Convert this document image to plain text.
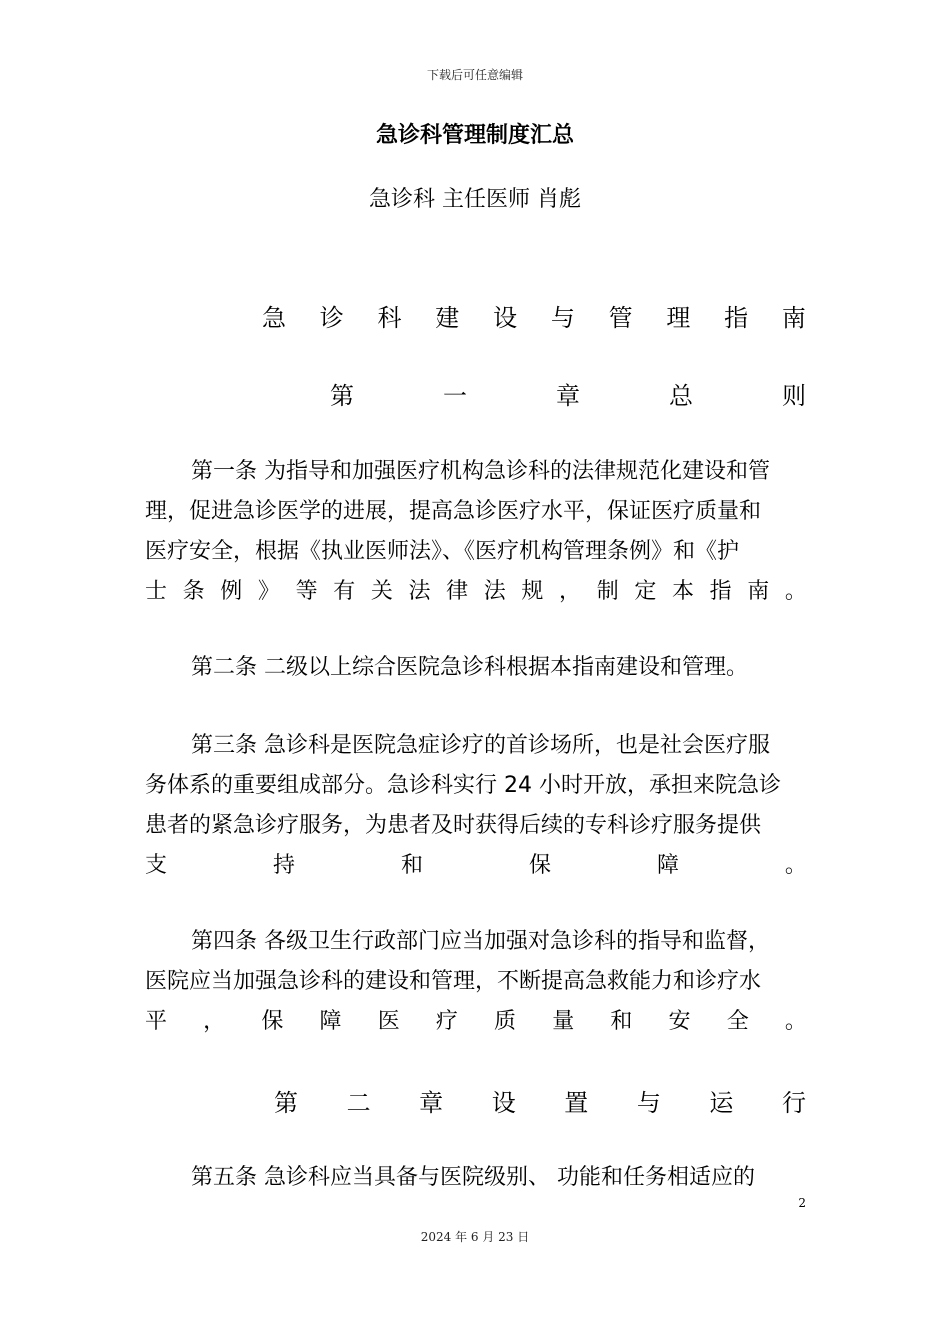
下载后可任意编辑
急诊科管理制度汇总
急诊科 主任医师 肖彪
急 诊 科 建 设 与 管 理 指 南
第	一	章	总	则
第一条 为指导和加强医疗机构急诊科的法律规范化建设和管
理，促进急诊医学的进展，提高急诊医疗水平，保证医疗质量和
医疗安全，根据《执业医师法》、《医疗机构管理条例》和《护
士 条 例 》 等 有 关 法 律 法 规 ， 制 定 本 指 南 。
第二条 二级以上综合医院急诊科根据本指南建设和管理。
第三条 急诊科是医院急症诊疗的首诊场所，也是社会医疗服
务体系的重要组成部分。急诊科实行 24 小时开放，承担来院急诊
患者的紧急诊疗服务，为患者及时获得后续的专科诊疗服务提供
支	持	和	保	障	。
第四条 各级卫生行政部门应当加强对急诊科的指导和监督，
医院应当加强急诊科的建设和管理，不断提高急救能力和诊疗水
平 ， 保 障 医 疗 质 量 和 安 全 。
第 二 章 设 置 与 运 行
第五条 急诊科应当具备与医院级别、 功能和任务相适应的
2
2024 年 6 月 23 日
